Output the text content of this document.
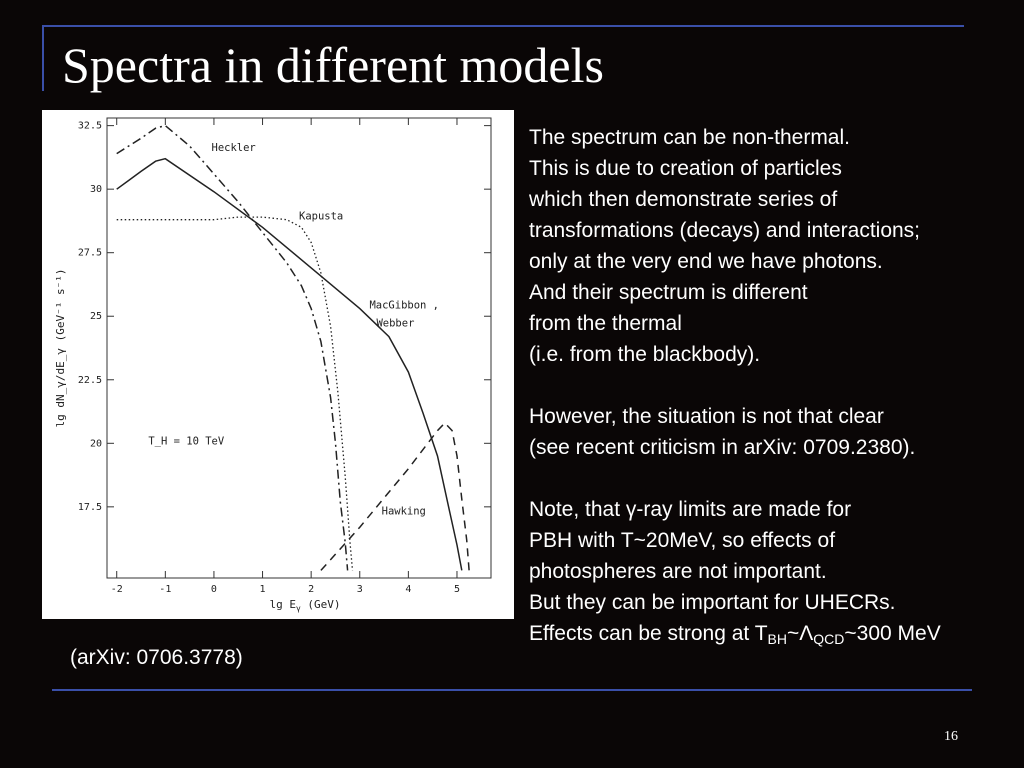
Spectra in different models
-2	-1	0	1	2	3	4	5
17.5
20
22.5
25
27.5
30
32.5
$\lg E_\gamma$ (GeV)
lg dN_γ/dE_γ (GeV⁻¹ s⁻¹)
Heckler
Kapusta
MacGibbon , Webber
Hawking
T_H = 10 TeV
The spectrum can be non-thermal.
This is due to creation of particles
which then demonstrate series of
transformations (decays) and interactions;
only at the very end we have photons.
And their spectrum is different
from the thermal
(i.e. from the blackbody).
However, the situation is not that clear
(see recent criticism in arXiv: 0709.2380).
Note, that γ-ray limits are made for
PBH with T~20MeV, so effects of
photospheres are not important.
But they can be important for UHECRs.
Effects can be strong at $T_{BH}\sim\Lambda_{QCD}\sim 300$ MeV
(arXiv: 0706.3778)
16
